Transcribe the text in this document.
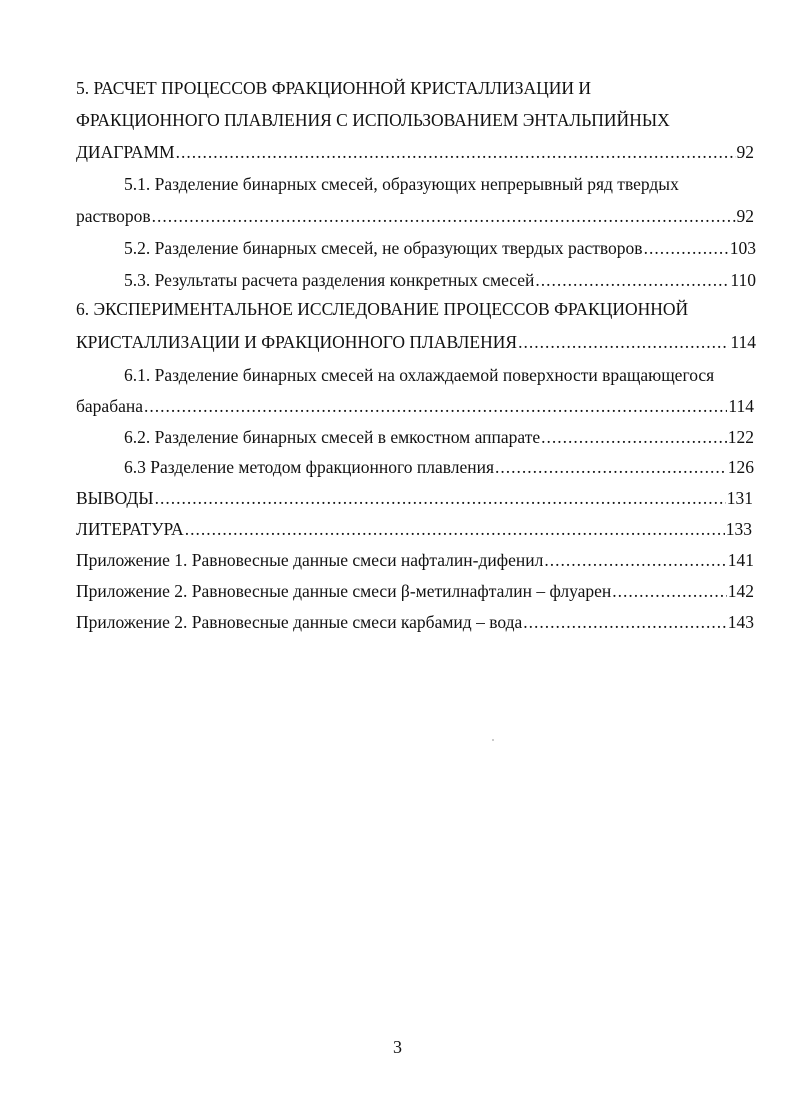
5. РАСЧЕТ ПРОЦЕССОВ ФРАКЦИОННОЙ КРИСТАЛЛИЗАЦИИ И
ФРАКЦИОННОГО ПЛАВЛЕНИЯ С ИСПОЛЬЗОВАНИЕМ ЭНТАЛЬПИЙНЫХ
ДИАГРАММ .....	92
5.1. Разделение бинарных смесей, образующих непрерывный ряд твердых
растворов .....	92
5.2. Разделение бинарных смесей, не образующих твердых растворов .....	103
5.3. Результаты расчета разделения конкретных смесей .....	110
6. ЭКСПЕРИМЕНТАЛЬНОЕ ИССЛЕДОВАНИЕ ПРОЦЕССОВ ФРАКЦИОННОЙ
КРИСТАЛЛИЗАЦИИ И ФРАКЦИОННОГО ПЛАВЛЕНИЯ .....	114
6.1. Разделение бинарных смесей на охлаждаемой поверхности вращающегося
барабана .....	114
6.2. Разделение бинарных смесей в емкостном аппарате .....	122
6.3 Разделение методом фракционного плавления .....	126
ВЫВОДЫ .....	131
ЛИТЕРАТУРА .....	133
Приложение 1. Равновесные данные смеси нафталин-дифенил .....	141
Приложение 2. Равновесные данные смеси β-метилнафталин – флуарен .....	142
Приложение 2. Равновесные данные смеси карбамид – вода .....	143
3
